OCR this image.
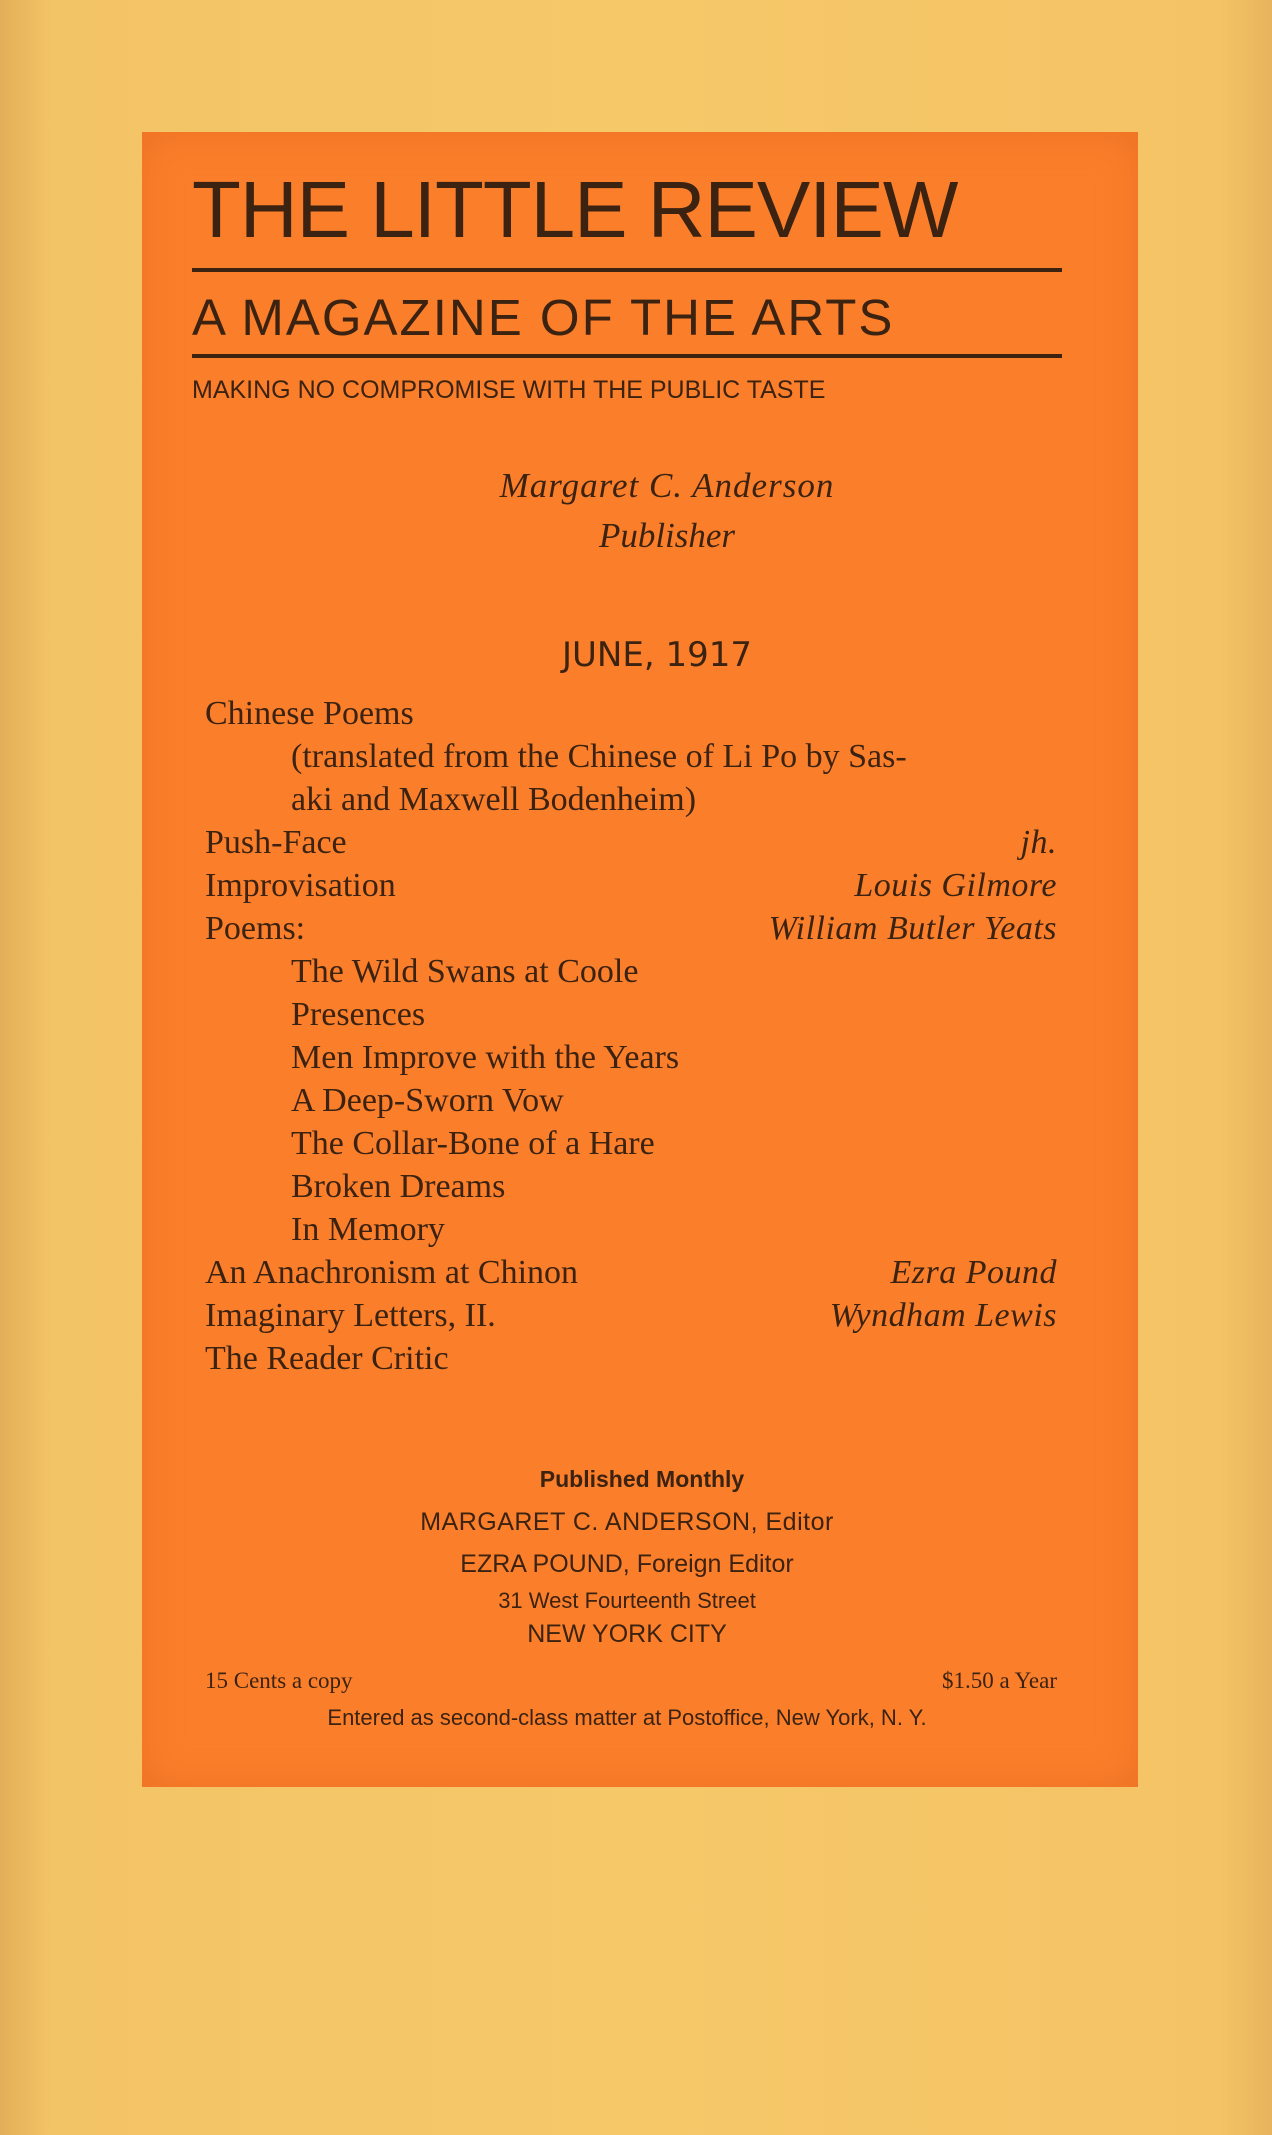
THE LITTLE REVIEW
A MAGAZINE OF THE ARTS
MAKING NO COMPROMISE WITH THE PUBLIC TASTE
Margaret C. Anderson
Publisher
JUNE, 1917
Chinese Poems
(translated from the Chinese of Li Po by Sas-
aki and Maxwell Bodenheim)
Push-Face	jh.
Improvisation	Louis Gilmore
Poems:	William Butler Yeats
The Wild Swans at Coole
Presences
Men Improve with the Years
A Deep-Sworn Vow
The Collar-Bone of a Hare
Broken Dreams
In Memory
An Anachronism at Chinon	Ezra Pound
Imaginary Letters, II.	Wyndham Lewis
The Reader Critic
Published Monthly
MARGARET C. ANDERSON, Editor
EZRA POUND, Foreign Editor
31 West Fourteenth Street
NEW YORK CITY
15 Cents a copy	$1.50 a Year
Entered as second-class matter at Postoffice, New York, N. Y.
